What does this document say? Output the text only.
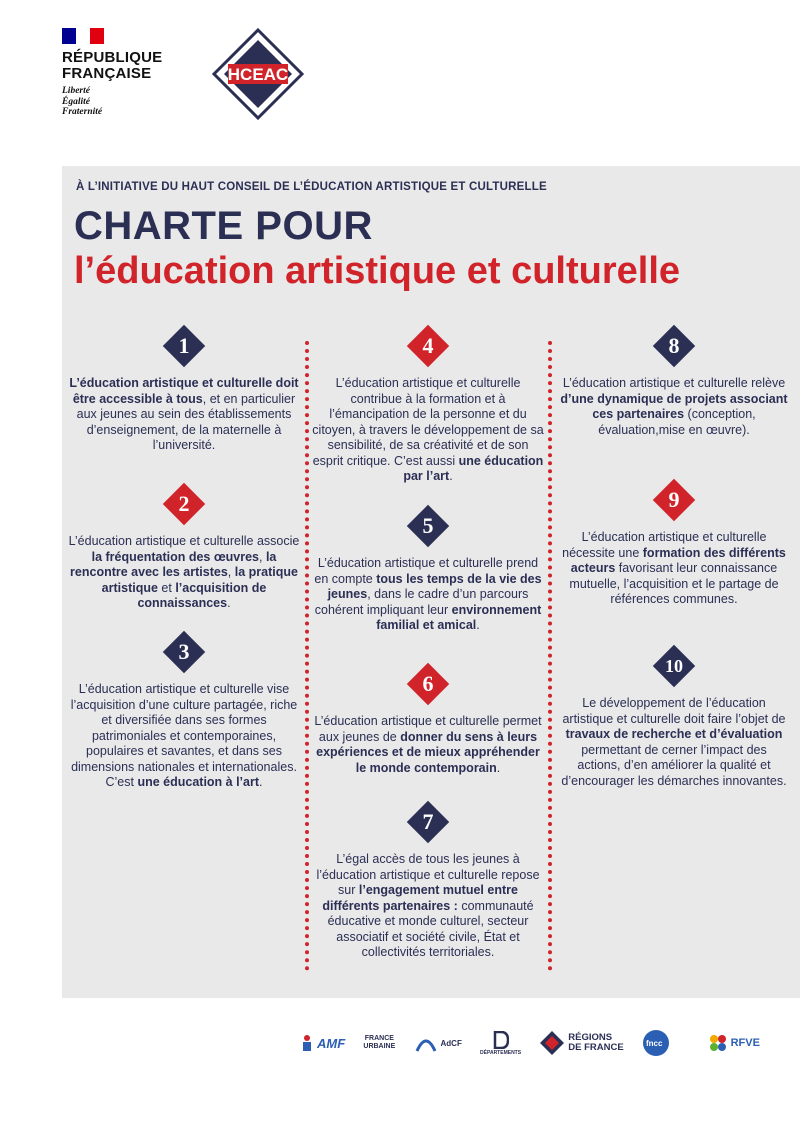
RÉPUBLIQUE
FRANÇAISE
Liberté
Égalité
Fraternité
HCEAC
À L’INITIATIVE DU HAUT CONSEIL DE L’ÉDUCATION ARTISTIQUE ET CULTURELLE
CHARTE POUR
l’éducation artistique et culturelle
1
L’éducation artistique et culturelle doit être accessible à tous, et en particulier aux jeunes au sein des établissements d’enseignement, de la maternelle à l’université.
2
L’éducation artistique et culturelle associe la fréquentation des œuvres, la rencontre avec les artistes, la pratique artistique et l’acquisition de connaissances.
3
L’éducation artistique et culturelle vise l’acquisition d’une culture partagée, riche et diversifiée dans ses formes patrimoniales et contemporaines, populaires et savantes, et dans ses dimensions nationales et internationales. C’est une éducation à l’art.
4
L’éducation artistique et culturelle contribue à la formation et à l’émancipation de la personne et du citoyen, à travers le développement de sa sensibilité, de sa créativité et de son esprit critique. C’est aussi une éducation par l’art.
5
L’éducation artistique et culturelle prend en compte tous les temps de la vie des jeunes, dans le cadre d’un parcours cohérent impliquant leur environnement familial et amical.
6
L’éducation artistique et culturelle permet aux jeunes de donner du sens à leurs expériences et de mieux appréhender le monde contemporain.
7
L’égal accès de tous les jeunes à l’éducation artistique et culturelle repose sur l’engagement mutuel entre différents partenaires : communauté éducative et monde culturel, secteur associatif et société civile, État et collectivités territoriales.
8
L’éducation artistique et culturelle relève d’une dynamique de projets associant ces partenaires (conception, évaluation,mise en œuvre).
9
L’éducation artistique et culturelle nécessite une formation des différents acteurs favorisant leur connaissance mutuelle, l’acquisition et le partage de références communes.
10
Le développement de l’éducation artistique et culturelle doit faire l’objet de travaux de recherche et d’évaluation permettant de cerner l’impact des actions, d’en améliorer la qualité et d’encourager les démarches innovantes.
AMF	FRANCE
URBAINE	AdCF
DÉPARTEMENTS
RÉGIONS
DE FRANCE	fncc	RFVE
